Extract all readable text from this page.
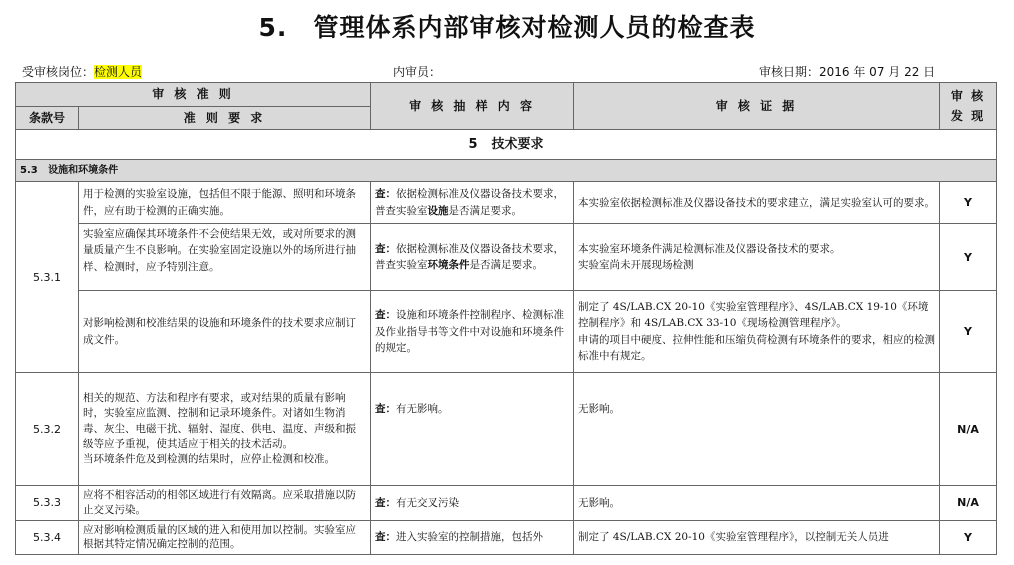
5. 管理体系内部审核对检测人员的检查表
受审核岗位：检测人员	内审员：	审核日期：2016 年 07 月 22 日
审 核 准 则		审 核 抽 样 内 容	审 核 证 据	审 核
发 现

条款号	准 则 要 求			
5 技术要求				
5.3   设施和环境条件				
5.3.1	用于检测的实验室设施，包括但不限于能源、照明和环境条件，应有助于检测的正确实施。	查：依据检测标准及仪器设备技术要求，普查实验室设施是否满足要求。	本实验室依据检测标准及仪器设备技术的要求建立，满足实验室认可的要求。	Y
	实验室应确保其环境条件不会使结果无效，或对所要求的测量质量产生不良影响。在实验室固定设施以外的场所进行抽样、检测时，应予特别注意。	查：依据检测标准及仪器设备技术要求，普查实验室环境条件是否满足要求。	本实验室环境条件满足检测标准及仪器设备技术的要求。
实验室尚未开展现场检测	Y
	对影响检测和校准结果的设施和环境条件的技术要求应制订成文件。	查：设施和环境条件控制程序、检测标准及作业指导书等文件中对设施和环境条件的规定。	制定了 4S/LAB.CX 20-10《实验室管理程序》、4S/LAB.CX 19-10《环境控制程序》和 4S/LAB.CX 33-10《现场检测管理程序》。
申请的项目中硬度、拉伸性能和压缩负荷检测有环境条件的要求，相应的检测标准中有规定。	Y
5.3.2	相关的规范、方法和程序有要求，或对结果的质量有影响时，实验室应监测、控制和记录环境条件。对诸如生物消毒、灰尘、电磁干扰、辐射、湿度、供电、温度、声级和振级等应予重视，使其适应于相关的技术活动。
当环境条件危及到检测的结果时，应停止检测和校准。	查：有无影响。	无影响。	N/A
5.3.3	应将不相容活动的相邻区域进行有效隔离。应采取措施以防止交叉污染。	查：有无交叉污染	无影响。	N/A
5.3.4	应对影响检测质量的区域的进入和使用加以控制。实验室应根据其特定情况确定控制的范围。	查：进入实验室的控制措施，包括外	制定了 4S/LAB.CX 20-10《实验室管理程序》，以控制无关人员进	Y
